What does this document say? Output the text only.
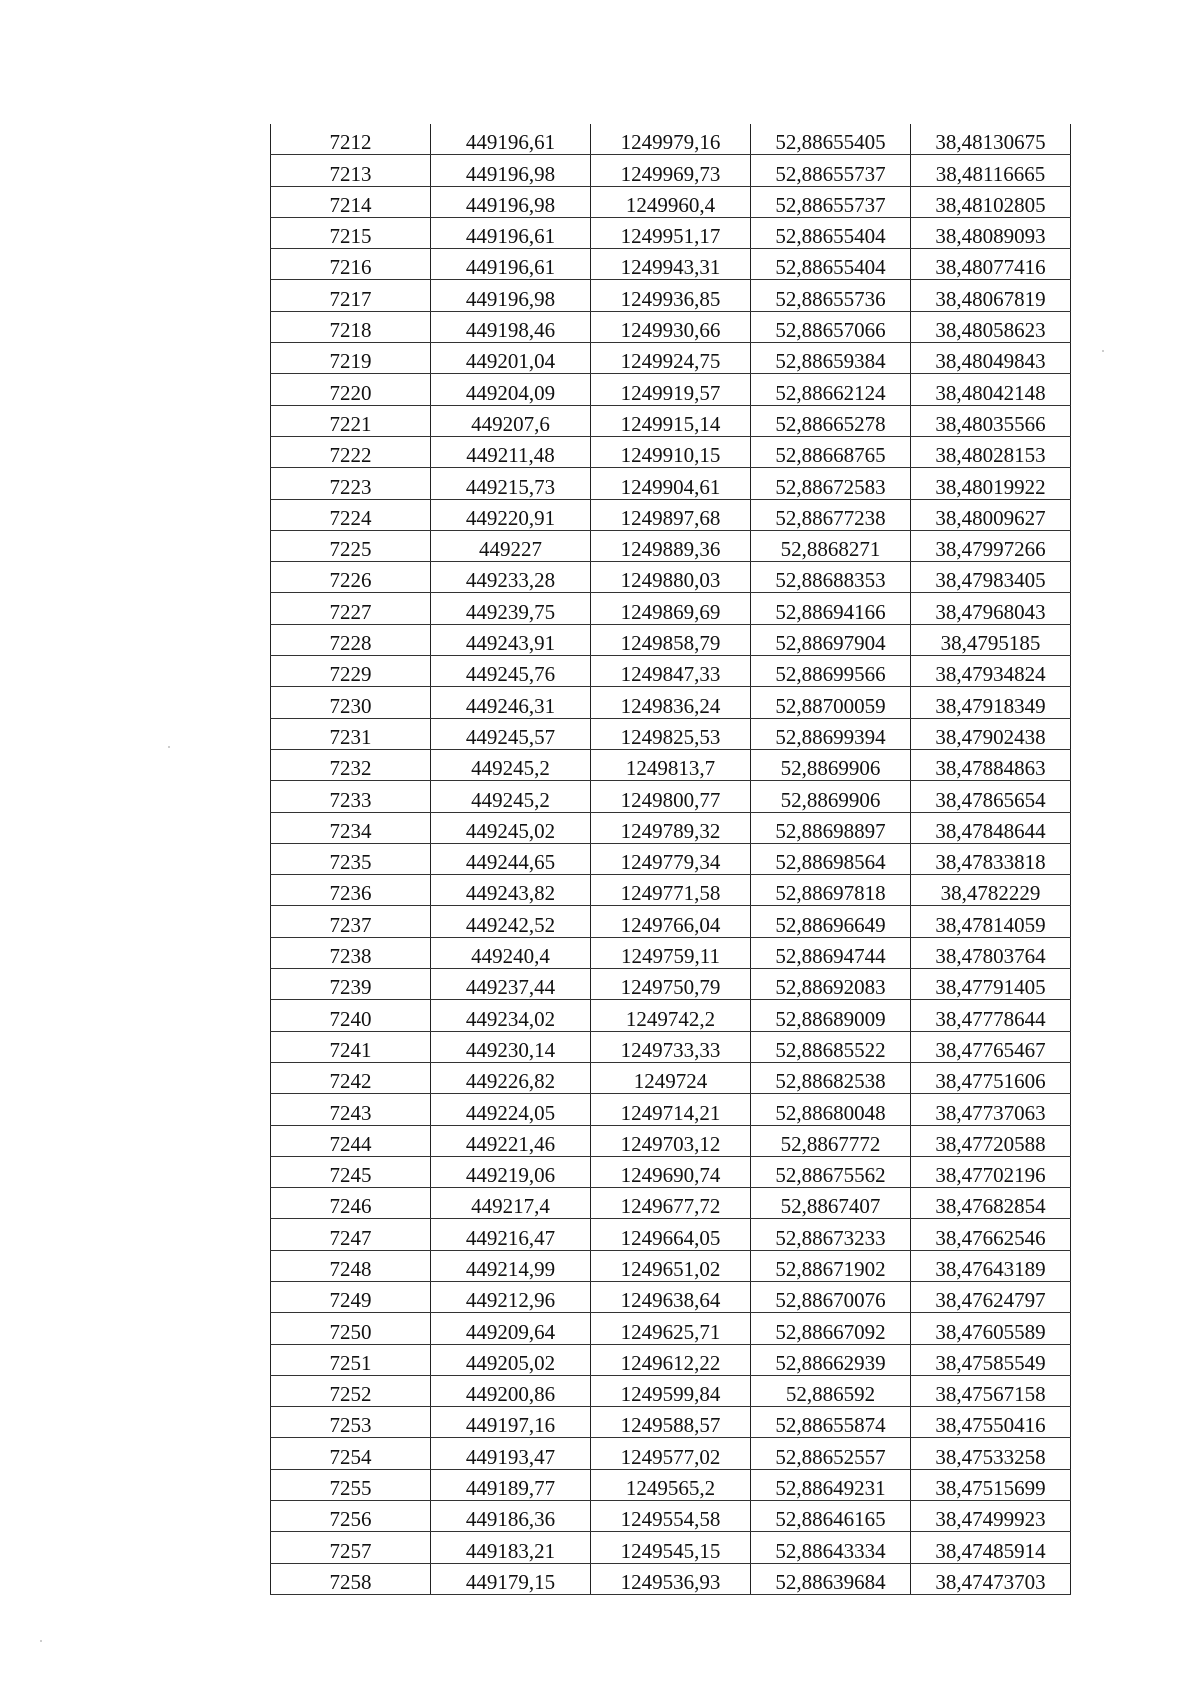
7212	449196,61	1249979,16	52,88655405	38,48130675
7213	449196,98	1249969,73	52,88655737	38,48116665
7214	449196,98	1249960,4	52,88655737	38,48102805
7215	449196,61	1249951,17	52,88655404	38,48089093
7216	449196,61	1249943,31	52,88655404	38,48077416
7217	449196,98	1249936,85	52,88655736	38,48067819
7218	449198,46	1249930,66	52,88657066	38,48058623
7219	449201,04	1249924,75	52,88659384	38,48049843
7220	449204,09	1249919,57	52,88662124	38,48042148
7221	449207,6	1249915,14	52,88665278	38,48035566
7222	449211,48	1249910,15	52,88668765	38,48028153
7223	449215,73	1249904,61	52,88672583	38,48019922
7224	449220,91	1249897,68	52,88677238	38,48009627
7225	449227	1249889,36	52,8868271	38,47997266
7226	449233,28	1249880,03	52,88688353	38,47983405
7227	449239,75	1249869,69	52,88694166	38,47968043
7228	449243,91	1249858,79	52,88697904	38,4795185
7229	449245,76	1249847,33	52,88699566	38,47934824
7230	449246,31	1249836,24	52,88700059	38,47918349
7231	449245,57	1249825,53	52,88699394	38,47902438
7232	449245,2	1249813,7	52,8869906	38,47884863
7233	449245,2	1249800,77	52,8869906	38,47865654
7234	449245,02	1249789,32	52,88698897	38,47848644
7235	449244,65	1249779,34	52,88698564	38,47833818
7236	449243,82	1249771,58	52,88697818	38,4782229
7237	449242,52	1249766,04	52,88696649	38,47814059
7238	449240,4	1249759,11	52,88694744	38,47803764
7239	449237,44	1249750,79	52,88692083	38,47791405
7240	449234,02	1249742,2	52,88689009	38,47778644
7241	449230,14	1249733,33	52,88685522	38,47765467
7242	449226,82	1249724	52,88682538	38,47751606
7243	449224,05	1249714,21	52,88680048	38,47737063
7244	449221,46	1249703,12	52,8867772	38,47720588
7245	449219,06	1249690,74	52,88675562	38,47702196
7246	449217,4	1249677,72	52,8867407	38,47682854
7247	449216,47	1249664,05	52,88673233	38,47662546
7248	449214,99	1249651,02	52,88671902	38,47643189
7249	449212,96	1249638,64	52,88670076	38,47624797
7250	449209,64	1249625,71	52,88667092	38,47605589
7251	449205,02	1249612,22	52,88662939	38,47585549
7252	449200,86	1249599,84	52,886592	38,47567158
7253	449197,16	1249588,57	52,88655874	38,47550416
7254	449193,47	1249577,02	52,88652557	38,47533258
7255	449189,77	1249565,2	52,88649231	38,47515699
7256	449186,36	1249554,58	52,88646165	38,47499923
7257	449183,21	1249545,15	52,88643334	38,47485914
7258	449179,15	1249536,93	52,88639684	38,47473703
